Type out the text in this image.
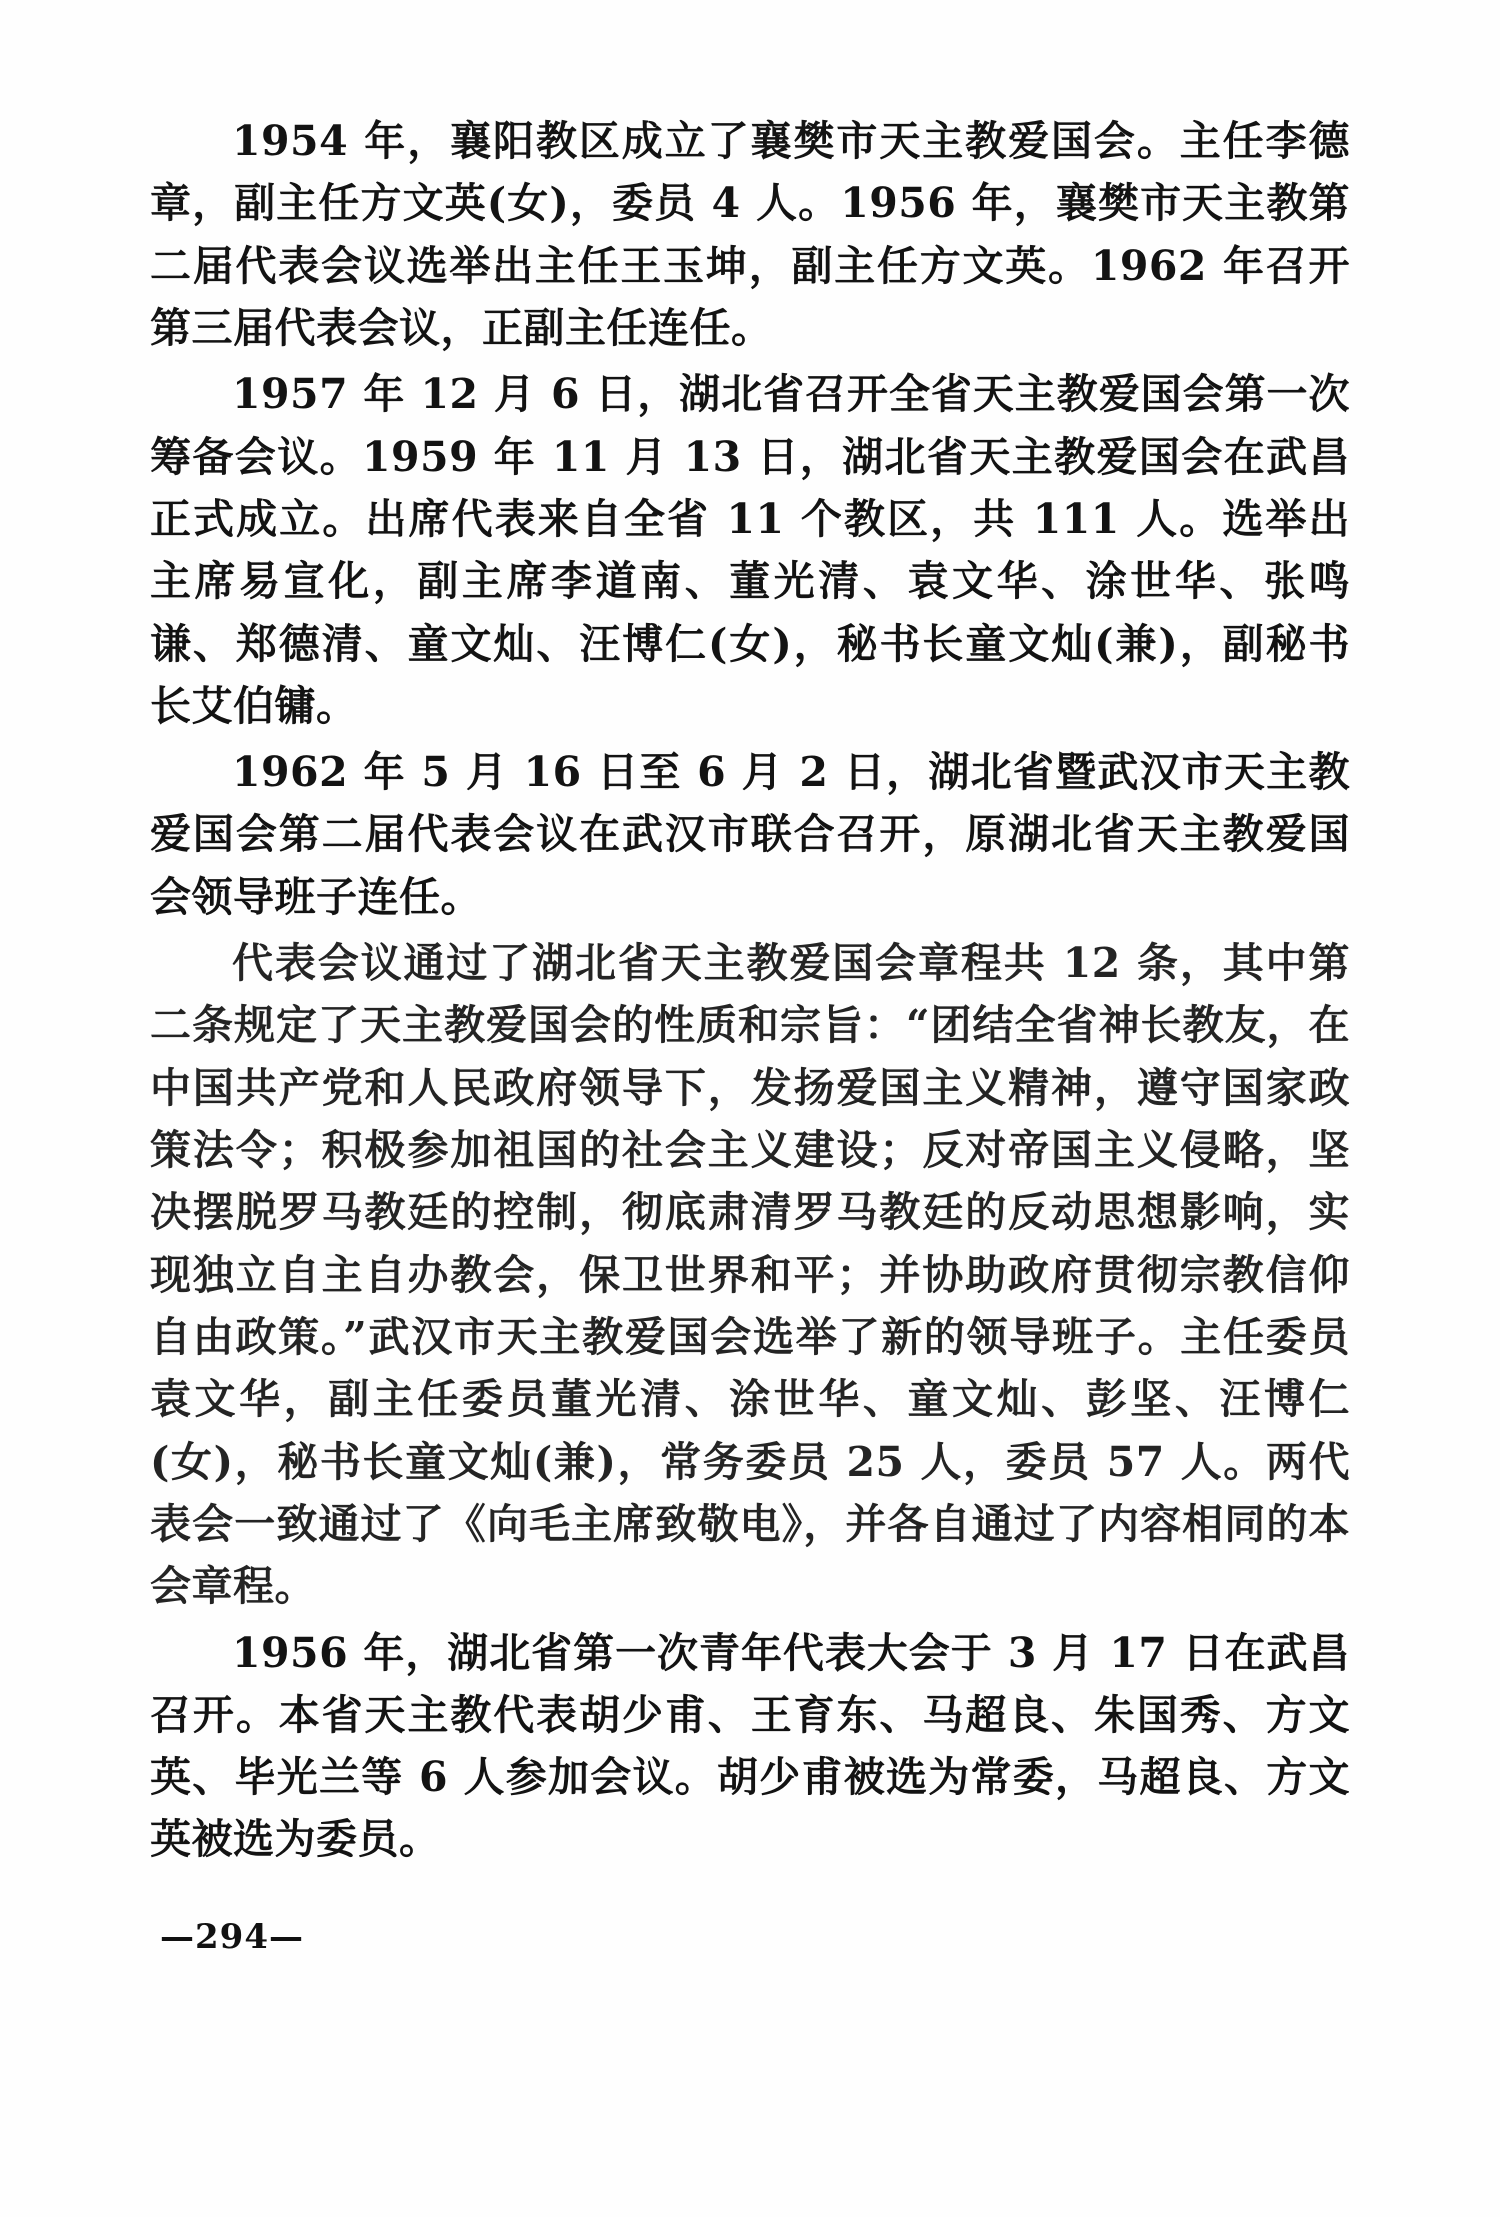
1954 年，襄阳教区成立了襄樊市天主教爱国会。主任李德章，副主任方文英(女)，委员 4 人。1956 年，襄樊市天主教第二届代表会议选举出主任王玉坤，副主任方文英。1962 年召开第三届代表会议，正副主任连任。

1957 年 12 月 6 日，湖北省召开全省天主教爱国会第一次筹备会议。1959 年 11 月 13 日，湖北省天主教爱国会在武昌正式成立。出席代表来自全省 11 个教区，共 111 人。选举出主席易宣化，副主席李道南、董光清、袁文华、涂世华、张鸣谦、郑德清、童文灿、汪博仁(女)，秘书长童文灿(兼)，副秘书长艾伯镛。

1962 年 5 月 16 日至 6 月 2 日，湖北省暨武汉市天主教爱国会第二届代表会议在武汉市联合召开，原湖北省天主教爱国会领导班子连任。

代表会议通过了湖北省天主教爱国会章程共 12 条，其中第二条规定了天主教爱国会的性质和宗旨：“团结全省神长教友，在中国共产党和人民政府领导下，发扬爱国主义精神，遵守国家政策法令；积极参加祖国的社会主义建设；反对帝国主义侵略，坚决摆脱罗马教廷的控制，彻底肃清罗马教廷的反动思想影响，实现独立自主自办教会，保卫世界和平；并协助政府贯彻宗教信仰自由政策。”武汉市天主教爱国会选举了新的领导班子。主任委员袁文华，副主任委员董光清、涂世华、童文灿、彭坚、汪博仁(女)，秘书长童文灿(兼)，常务委员 25 人，委员 57 人。两代表会一致通过了《向毛主席致敬电》，并各自通过了内容相同的本会章程。

1956 年，湖北省第一次青年代表大会于 3 月 17 日在武昌召开。本省天主教代表胡少甫、王育东、马超良、朱国秀、方文英、毕光兰等 6 人参加会议。胡少甫被选为常委，马超良、方文英被选为委员。

—294—
